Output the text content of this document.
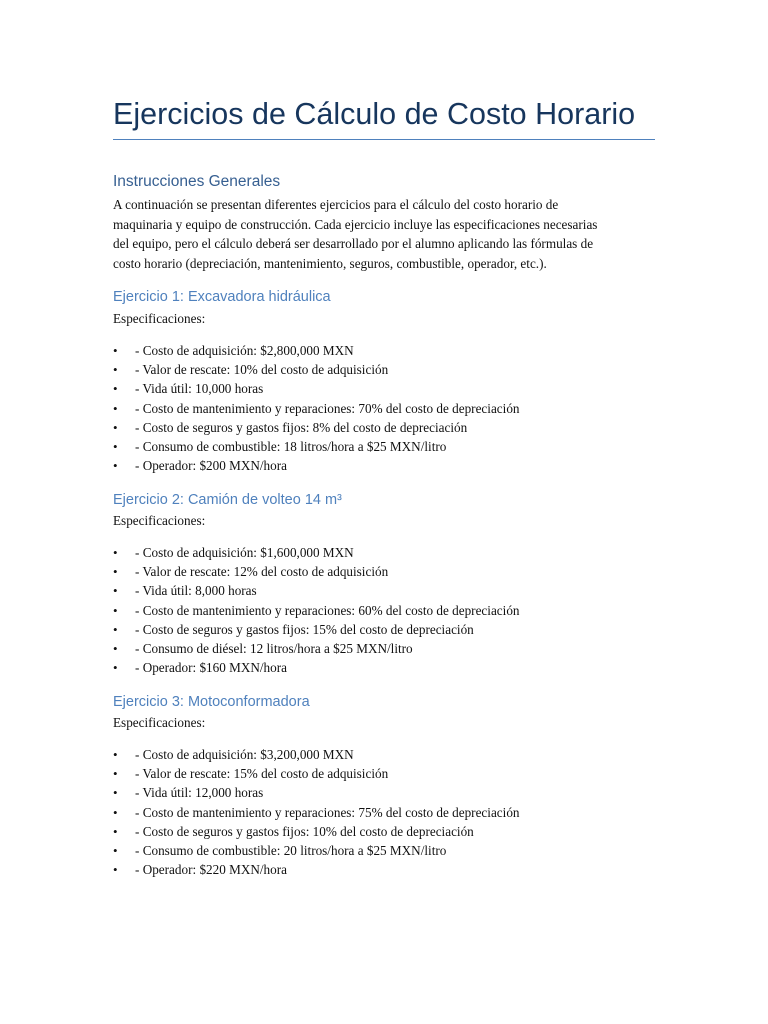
Ejercicios de Cálculo de Costo Horario
Instrucciones Generales
A continuación se presentan diferentes ejercicios para el cálculo del costo horario de
maquinaria y equipo de construcción. Cada ejercicio incluye las especificaciones necesarias
del equipo, pero el cálculo deberá ser desarrollado por el alumno aplicando las fórmulas de
costo horario (depreciación, mantenimiento, seguros, combustible, operador, etc.).
Ejercicio 1: Excavadora hidráulica

Especificaciones:

• - Costo de adquisición: $2,800,000 MXN
• - Valor de rescate: 10% del costo de adquisición
• - Vida útil: 10,000 horas
• - Costo de mantenimiento y reparaciones: 70% del costo de depreciación
• - Costo de seguros y gastos fijos: 8% del costo de depreciación
• - Consumo de combustible: 18 litros/hora a $25 MXN/litro
• - Operador: $200 MXN/hora
Ejercicio 2: Camión de volteo 14 m³

Especificaciones:

• - Costo de adquisición: $1,600,000 MXN
• - Valor de rescate: 12% del costo de adquisición
• - Vida útil: 8,000 horas
• - Costo de mantenimiento y reparaciones: 60% del costo de depreciación
• - Costo de seguros y gastos fijos: 15% del costo de depreciación
• - Consumo de diésel: 12 litros/hora a $25 MXN/litro
• - Operador: $160 MXN/hora
Ejercicio 3: Motoconformadora

Especificaciones:

• - Costo de adquisición: $3,200,000 MXN
• - Valor de rescate: 15% del costo de adquisición
• - Vida útil: 12,000 horas
• - Costo de mantenimiento y reparaciones: 75% del costo de depreciación
• - Costo de seguros y gastos fijos: 10% del costo de depreciación
• - Consumo de combustible: 20 litros/hora a $25 MXN/litro
• - Operador: $220 MXN/hora
